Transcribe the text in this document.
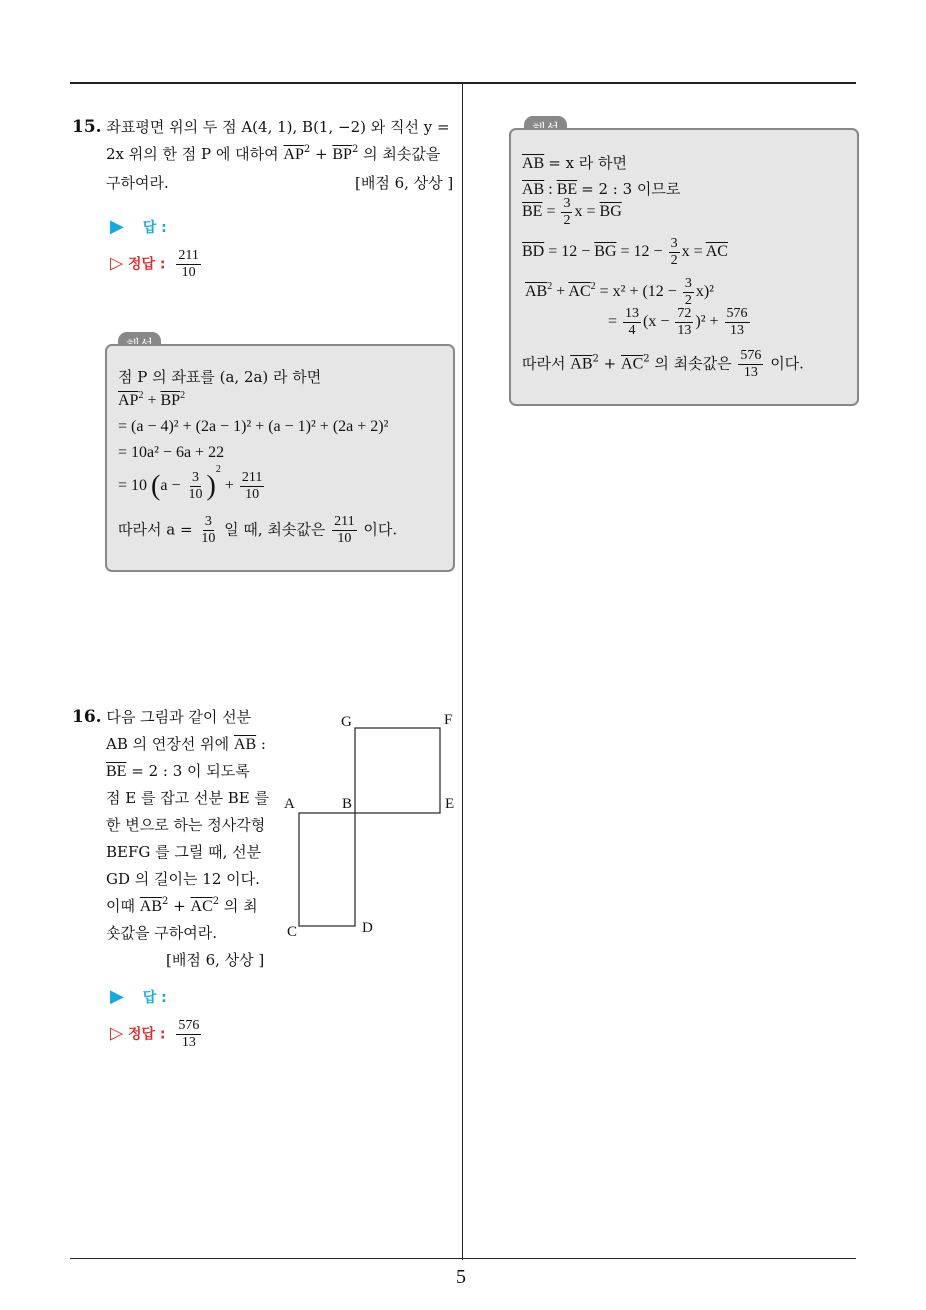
5
15. 좌표평면 위의 두 점 A(4, 1), B(1, −2) 와 직선 y =
2x 위의 한 점 P 에 대하여 $\overline{AP}^2 + \overline{BP}^2$ 의 최솟값을
구하여라.	[배점 6, 상상 ]
▶ 답 :
▷ 정답 : $\frac{211}{10}$
점 P 의 좌표를 (a, 2a) 라 하면
$\overline{AP}^2 + \overline{BP}^2$
= (a − 4)² + (2a − 1)² + (a − 1)² + (2a + 2)²
= 10a² − 6a + 22
= 10 $(a - \frac{3}{10} )^2 + \frac{211}{10}$
따라서 $a = \frac{3}{10}$ 일 때, 최솟값은 $\frac{211}{10}$ 이다.
16. 다음 그림과 같이 선분
AB 의 연장선 위에 $\overline{AB}$ :
$\overline{BE} = 2$ : 3 이 되도록
점 E 를 잡고 선분 BE 를
한 변으로 하는 정사각형
BEFG 를 그릴 때, 선분
GD 의 길이는 12 이다.
이때 $\overline{AB}^2 + \overline{AC}^2$ 의 최
숏값을 구하여라.
[배점 6, 상상 ]
G	F
A	B	E
C	D
▶ 답 :
▷ 정답 : $\frac{576}{13}$
$\overline{AB} = x$ 라 하면
$\overline{AB}$ : $\overline{BE} = 2$ : 3 이므로
$\overline{BE} = \frac{3}{2}$ $x = \overline{BG}$
$\overline{BD} = 12 - \overline{BG} = 12 - \frac{3}{2}$ $x = \overline{AC}$
$\overline{AB}^2 + \overline{AC}^2 = x^2 + (12 - \frac{3}{2} x)^2$
= $\frac{13}{4} (x - \frac{72}{13} )^2 + \frac{576}{13}$
따라서 $\overline{AB}^2 + \overline{AC}^2$ 의 최솟값은 $\frac{576}{13}$ 이다.
